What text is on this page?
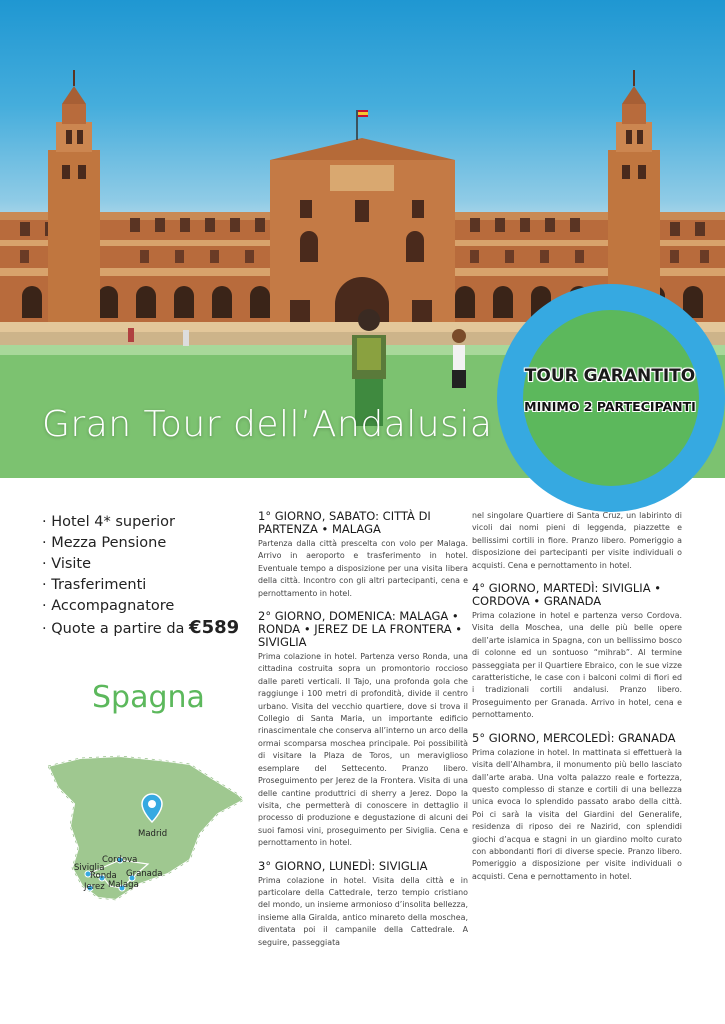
Gran Tour dell’Andalusia
TOUR GARANTITO
MINIMO 2 PARTECIPANTI
· Hotel 4* superior
· Mezza Pensione
· Visite
· Trasferimenti
· Accompagnatore
· Quote a partire da €589
Spagna
Madrid
Cordova
Siviglia
Ronda Granada
Jerez Malaga
1° GIORNO, SABATO: CITTÀ DI PARTENZA • MALAGA

Partenza dalla città prescelta con volo per Malaga. Arrivo in aeroporto e trasferimento in hotel. Eventuale tempo a disposizione per una visita libera della città. Incontro con gli altri partecipanti, cena e pernottamento in hotel.

2° GIORNO, DOMENICA: MALAGA • RONDA • JEREZ DE LA FRONTERA • SIVIGLIA

Prima colazione in hotel. Partenza verso Ronda, una cittadina costruita sopra un promontorio roccioso dalle pareti verticali. Il Tajo, una profonda gola che raggiunge i 100 metri di profondità, divide il centro urbano. Visita del vecchio quartiere, dove si trova il Collegio di Santa Maria, un importante edificio rinascimentale che conserva all’interno un arco della ormai scomparsa moschea principale. Poi possibilità di visitare la Plaza de Toros, un meraviglioso esemplare del Settecento. Pranzo libero. Proseguimento per Jerez de la Frontera. Visita di una delle cantine produttrici di sherry a Jerez. Dopo la visita, che permetterà di conoscere in dettaglio il processo di produzione e degustazione di alcuni dei suoi famosi vini, proseguimento per Siviglia. Cena e pernottamento in hotel.

3° GIORNO, LUNEDÌ: SIVIGLIA

Prima colazione in hotel. Visita della città e in particolare della Cattedrale, terzo tempio cristiano del mondo, un insieme armonioso d’insolita bellezza, insieme alla Giralda, antico minareto della moschea, diventata poi il campanile della Cattedrale. A seguire, passeggiata

nel singolare Quartiere di Santa Cruz, un labirinto di vicoli dai nomi pieni di leggenda, piazzette e bellissimi cortili in fiore. Pranzo libero. Pomeriggio a disposizione dei partecipanti per visite individuali o acquisti. Cena e pernottamento in hotel.

4° GIORNO, MARTEDÌ: SIVIGLIA • CORDOVA • GRANADA

Prima colazione in hotel e partenza verso Cordova. Visita della Moschea, una delle più belle opere dell’arte islamica in Spagna, con un bellissimo bosco di colonne ed un sontuoso “mihrab”. Al termine passeggiata per il Quartiere Ebraico, con le sue vizze caratteristiche, le case con i balconi colmi di fiori ed i tradizionali cortili andalusi. Pranzo libero. Proseguimento per Granada. Arrivo in hotel, cena e pernottamento.

5° GIORNO, MERCOLEDÌ: GRANADA

Prima colazione in hotel. In mattinata si effettuerà la visita dell’Alhambra, il monumento più bello lasciato dall’arte araba. Una volta palazzo reale e fortezza, questo complesso di stanze e cortili di una bellezza unica evoca lo splendido passato arabo della città. Poi ci sarà la visita del Giardini del Generalife, residenza di riposo dei re Nazirid, con splendidi giochi d’acqua e stagni in un giardino molto curato con abbondanti fiori di diverse specie. Pranzo libero. Pomeriggio a disposizione per visite individuali o acquisti. Cena e pernottamento in hotel.
